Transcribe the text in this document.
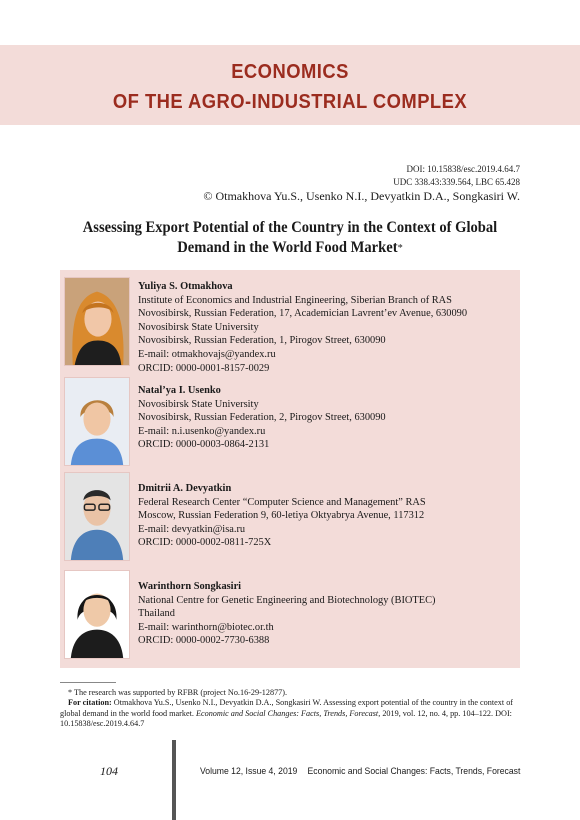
ECONOMICS
OF THE AGRO-INDUSTRIAL COMPLEX
DOI: 10.15838/esc.2019.4.64.7
UDC 338.43:339.564, LBC 65.428
© Otmakhova Yu.S., Usenko N.I., Devyatkin D.A., Songkasiri W.
Assessing Export Potential of the Country in the Context of Global Demand in the World Food Market*
Yuliya S. Otmakhova
Institute of Economics and Industrial Engineering, Siberian Branch of RAS
Novosibirsk, Russian Federation, 17, Academician Lavrent’ev Avenue, 630090
Novosibirsk State University
Novosibirsk, Russian Federation, 1, Pirogov Street, 630090
E-mail: otmakhovajs@yandex.ru
ORCID: 0000-0001-8157-0029
Natal’ya I. Usenko
Novosibirsk State University
Novosibirsk, Russian Federation, 2, Pirogov Street, 630090
E-mail: n.i.usenko@yandex.ru
ORCID: 0000-0003-0864-2131
Dmitrii A. Devyatkin
Federal Research Center “Computer Science and Management” RAS
Moscow, Russian Federation 9, 60-letiya Oktyabrya Avenue, 117312
E-mail: devyatkin@isa.ru
ORCID: 0000-0002-0811-725X
Warinthorn Songkasiri
National Centre for Genetic Engineering and Biotechnology (BIOTEC)
Thailand
E-mail: warinthorn@biotec.or.th
ORCID: 0000-0002-7730-6388
* The research was supported by RFBR (project No.16-29-12877).
For citation: Otmakhova Yu.S., Usenko N.I., Devyatkin D.A., Songkasiri W. Assessing export potential of the country in the context of global demand in the world food market. Economic and Social Changes: Facts, Trends, Forecast, 2019, vol. 12, no. 4, pp. 104–122. DOI: 10.15838/esc.2019.4.64.7
104	Volume 12, Issue 4, 2019 Economic and Social Changes: Facts, Trends, Forecast
